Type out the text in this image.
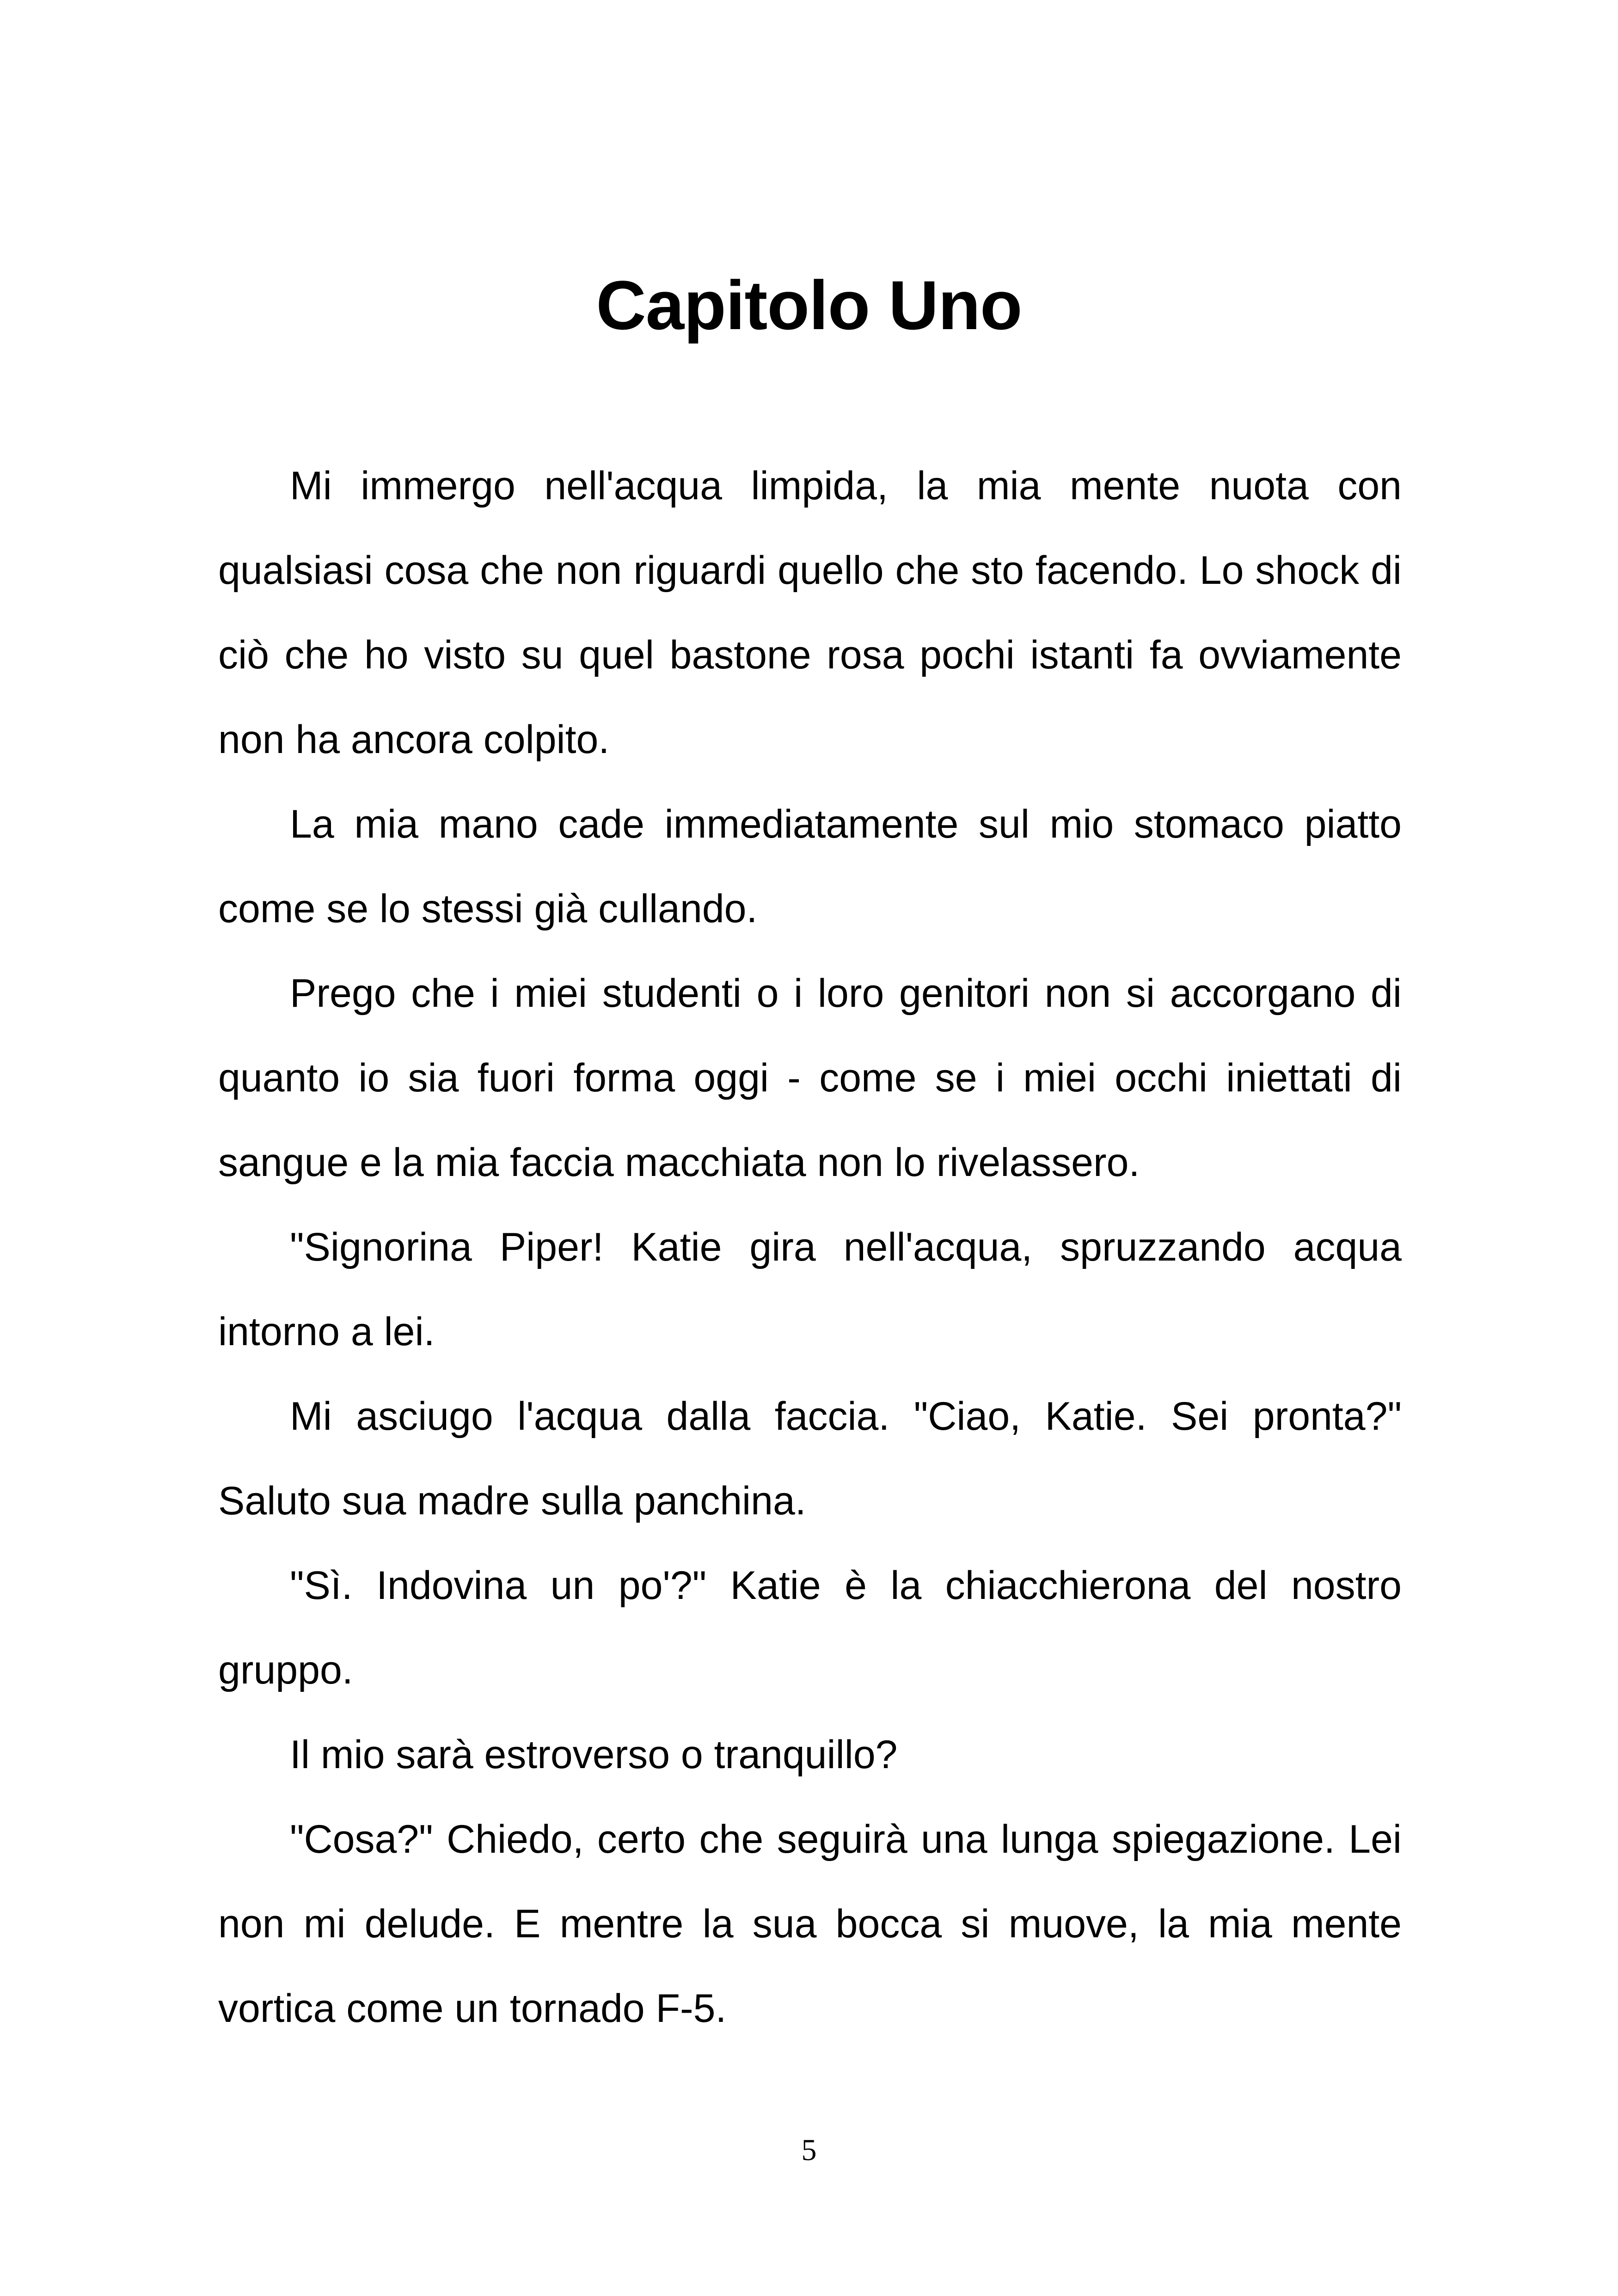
Capitolo Uno

Mi immergo nell'acqua limpida, la mia mente nuota con qualsiasi cosa che non riguardi quello che sto facendo. Lo shock di ciò che ho visto su quel bastone rosa pochi istanti fa ovviamente non ha ancora colpito.

La mia mano cade immediatamente sul mio stomaco piatto come se lo stessi già cullando.

Prego che i miei studenti o i loro genitori non si accorgano di quanto io sia fuori forma oggi - come se i miei occhi iniettati di sangue e la mia faccia macchiata non lo rivelassero.

"Signorina Piper! Katie gira nell'acqua, spruzzando acqua intorno a lei.

Mi asciugo l'acqua dalla faccia. "Ciao, Katie. Sei pronta?" Saluto sua madre sulla panchina.

"Sì. Indovina un po'?" Katie è la chiacchierona del nostro gruppo.

Il mio sarà estroverso o tranquillo?

"Cosa?" Chiedo, certo che seguirà una lunga spiegazione. Lei non mi delude. E mentre la sua bocca si muove, la mia mente vortica come un tornado F-5.

5
